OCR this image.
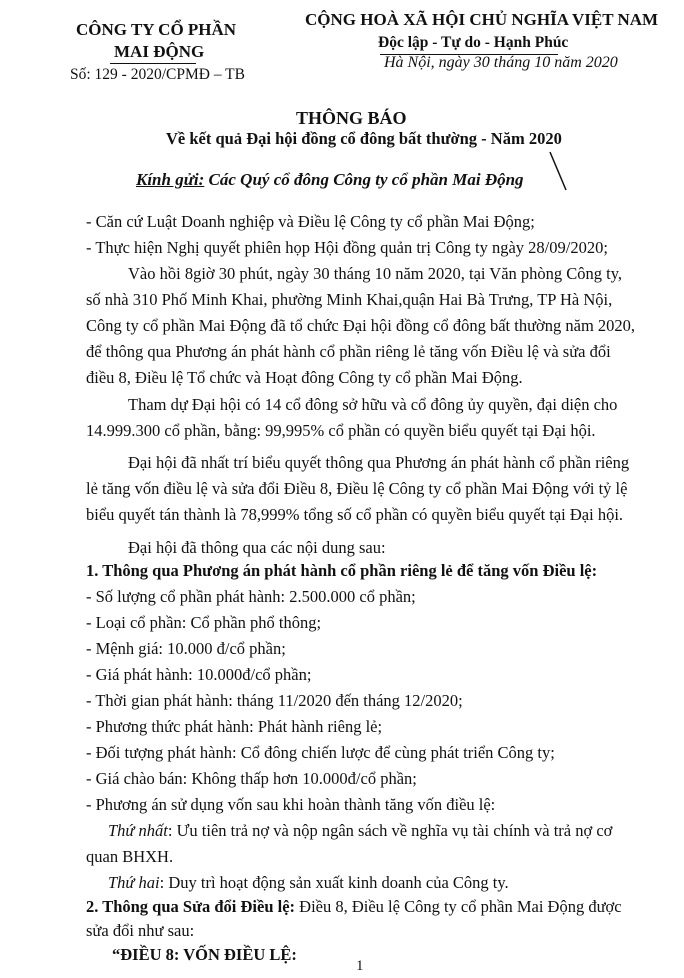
CÔNG TY CỔ PHẦN
MAI ĐỘNG
Số: 129 - 2020/CPMĐ – TB
CỘNG HOÀ XÃ HỘI CHỦ NGHĨA VIỆT NAM
Độc lập - Tự do - Hạnh Phúc
Hà Nội, ngày 30 tháng 10 năm 2020
THÔNG BÁO
Về kết quả Đại hội đồng cổ đông bất thường - Năm 2020
Kính gửi: Các Quý cổ đông Công ty cổ phần Mai Động
- Căn cứ Luật Doanh nghiệp và Điều lệ Công ty cổ phần Mai Động;
- Thực hiện Nghị quyết phiên họp Hội đồng quản trị Công ty ngày 28/09/2020;
Vào hồi 8giờ 30 phút, ngày 30 tháng 10 năm 2020, tại Văn phòng Công ty,
số nhà 310 Phố Minh Khai, phường Minh Khai,quận Hai Bà Trưng, TP Hà Nội,
Công ty cổ phần Mai Động đã tổ chức Đại hội đồng cổ đông bất thường năm 2020,
để thông qua Phương án phát hành cổ phần riêng lẻ tăng vốn Điều lệ và sửa đổi
điều 8, Điều lệ Tổ chức và Hoạt đông Công ty cổ phần Mai Động.
Tham dự Đại hội có 14 cổ đông sở hữu và cổ đông ủy quyền, đại diện cho
14.999.300 cổ phần, bằng: 99,995% cổ phần có quyền biểu quyết tại Đại hội.
Đại hội đã nhất trí biểu quyết thông qua Phương án phát hành cổ phần riêng
lẻ tăng vốn điều lệ và sửa đổi Điều 8, Điều lệ Công ty cổ phần Mai Động với tỷ lệ
biểu quyết tán thành là 78,999% tổng số cổ phần có quyền biểu quyết tại Đại hội.
Đại hội đã thông qua các nội dung sau:
1. Thông qua Phương án phát hành cổ phần riêng lẻ để tăng vốn Điều lệ:
- Số lượng cổ phần phát hành: 2.500.000 cổ phần;
- Loại cổ phần: Cổ phần phổ thông;
- Mệnh giá: 10.000 đ/cổ phần;
- Giá phát hành: 10.000đ/cổ phần;
- Thời gian phát hành: tháng 11/2020 đến tháng 12/2020;
- Phương thức phát hành: Phát hành riêng lẻ;
- Đối tượng phát hành: Cổ đông chiến lược để cùng phát triển Công ty;
- Giá chào bán: Không thấp hơn 10.000đ/cổ phần;
- Phương án sử dụng vốn sau khi hoàn thành tăng vốn điều lệ:
Thứ nhất: Ưu tiên trả nợ và nộp ngân sách về nghĩa vụ tài chính và trả nợ cơ
quan BHXH.
Thứ hai: Duy trì hoạt động sản xuất kinh doanh của Công ty.
2. Thông qua Sửa đổi Điều lệ: Điều 8, Điều lệ Công ty cổ phần Mai Động được
sửa đổi như sau:
“ĐIỀU 8: VỐN ĐIỀU LỆ:
1
